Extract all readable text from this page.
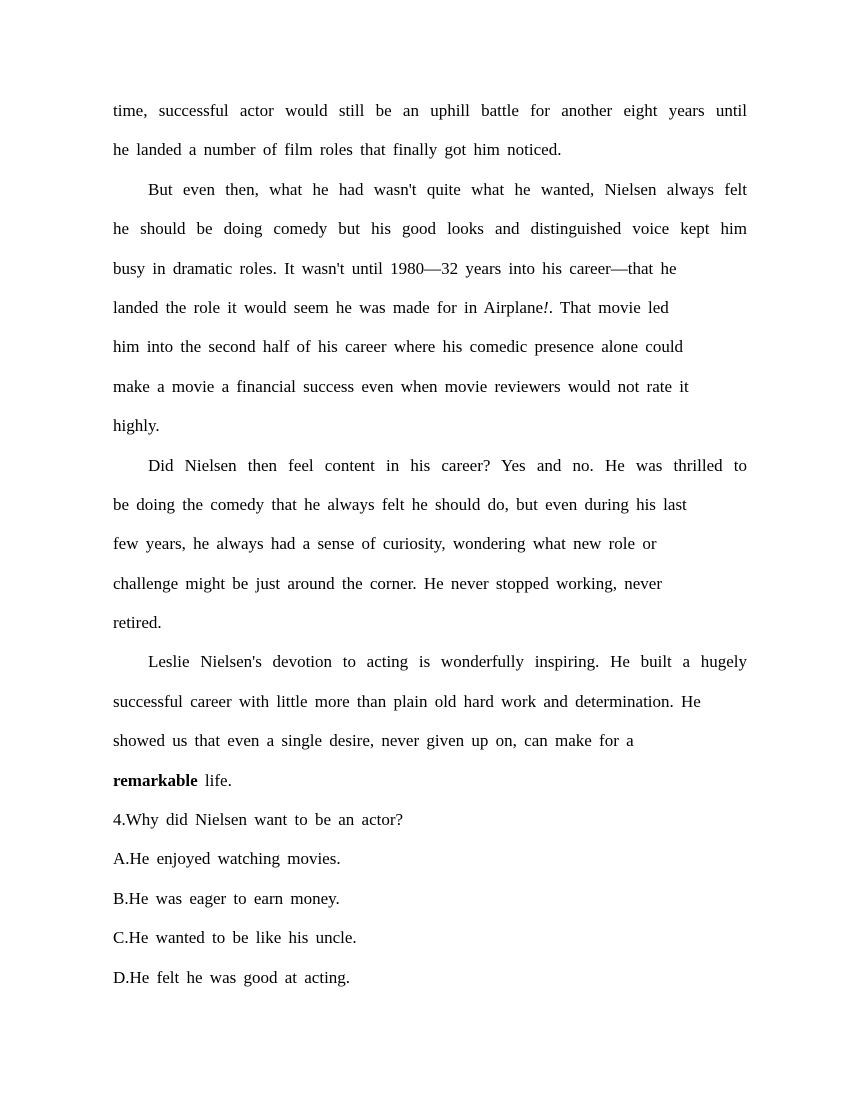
time, successful actor would still be an uphill battle for another eight years until
he landed a number of film roles that finally got him noticed.
But even then, what he had wasn't quite what he wanted, Nielsen always felt
he should be doing comedy but his good looks and distinguished voice kept him
busy in dramatic roles. It wasn't until 1980—32 years into his career—that he
landed the role it would seem he was made for in Airplane!. That movie led
him into the second half of his career where his comedic presence alone could
make a movie a financial success even when movie reviewers would not rate it
highly.
Did Nielsen then feel content in his career? Yes and no. He was thrilled to
be doing the comedy that he always felt he should do, but even during his last
few years, he always had a sense of curiosity, wondering what new role or
challenge might be just around the corner. He never stopped working, never
retired.
Leslie Nielsen's devotion to acting is wonderfully inspiring. He built a hugely
successful career with little more than plain old hard work and determination. He
showed us that even a single desire, never given up on, can make for a
remarkable life.
4.Why did Nielsen want to be an actor?
A.He enjoyed watching movies.
B.He was eager to earn money.
C.He wanted to be like his uncle.
D.He felt he was good at acting.
